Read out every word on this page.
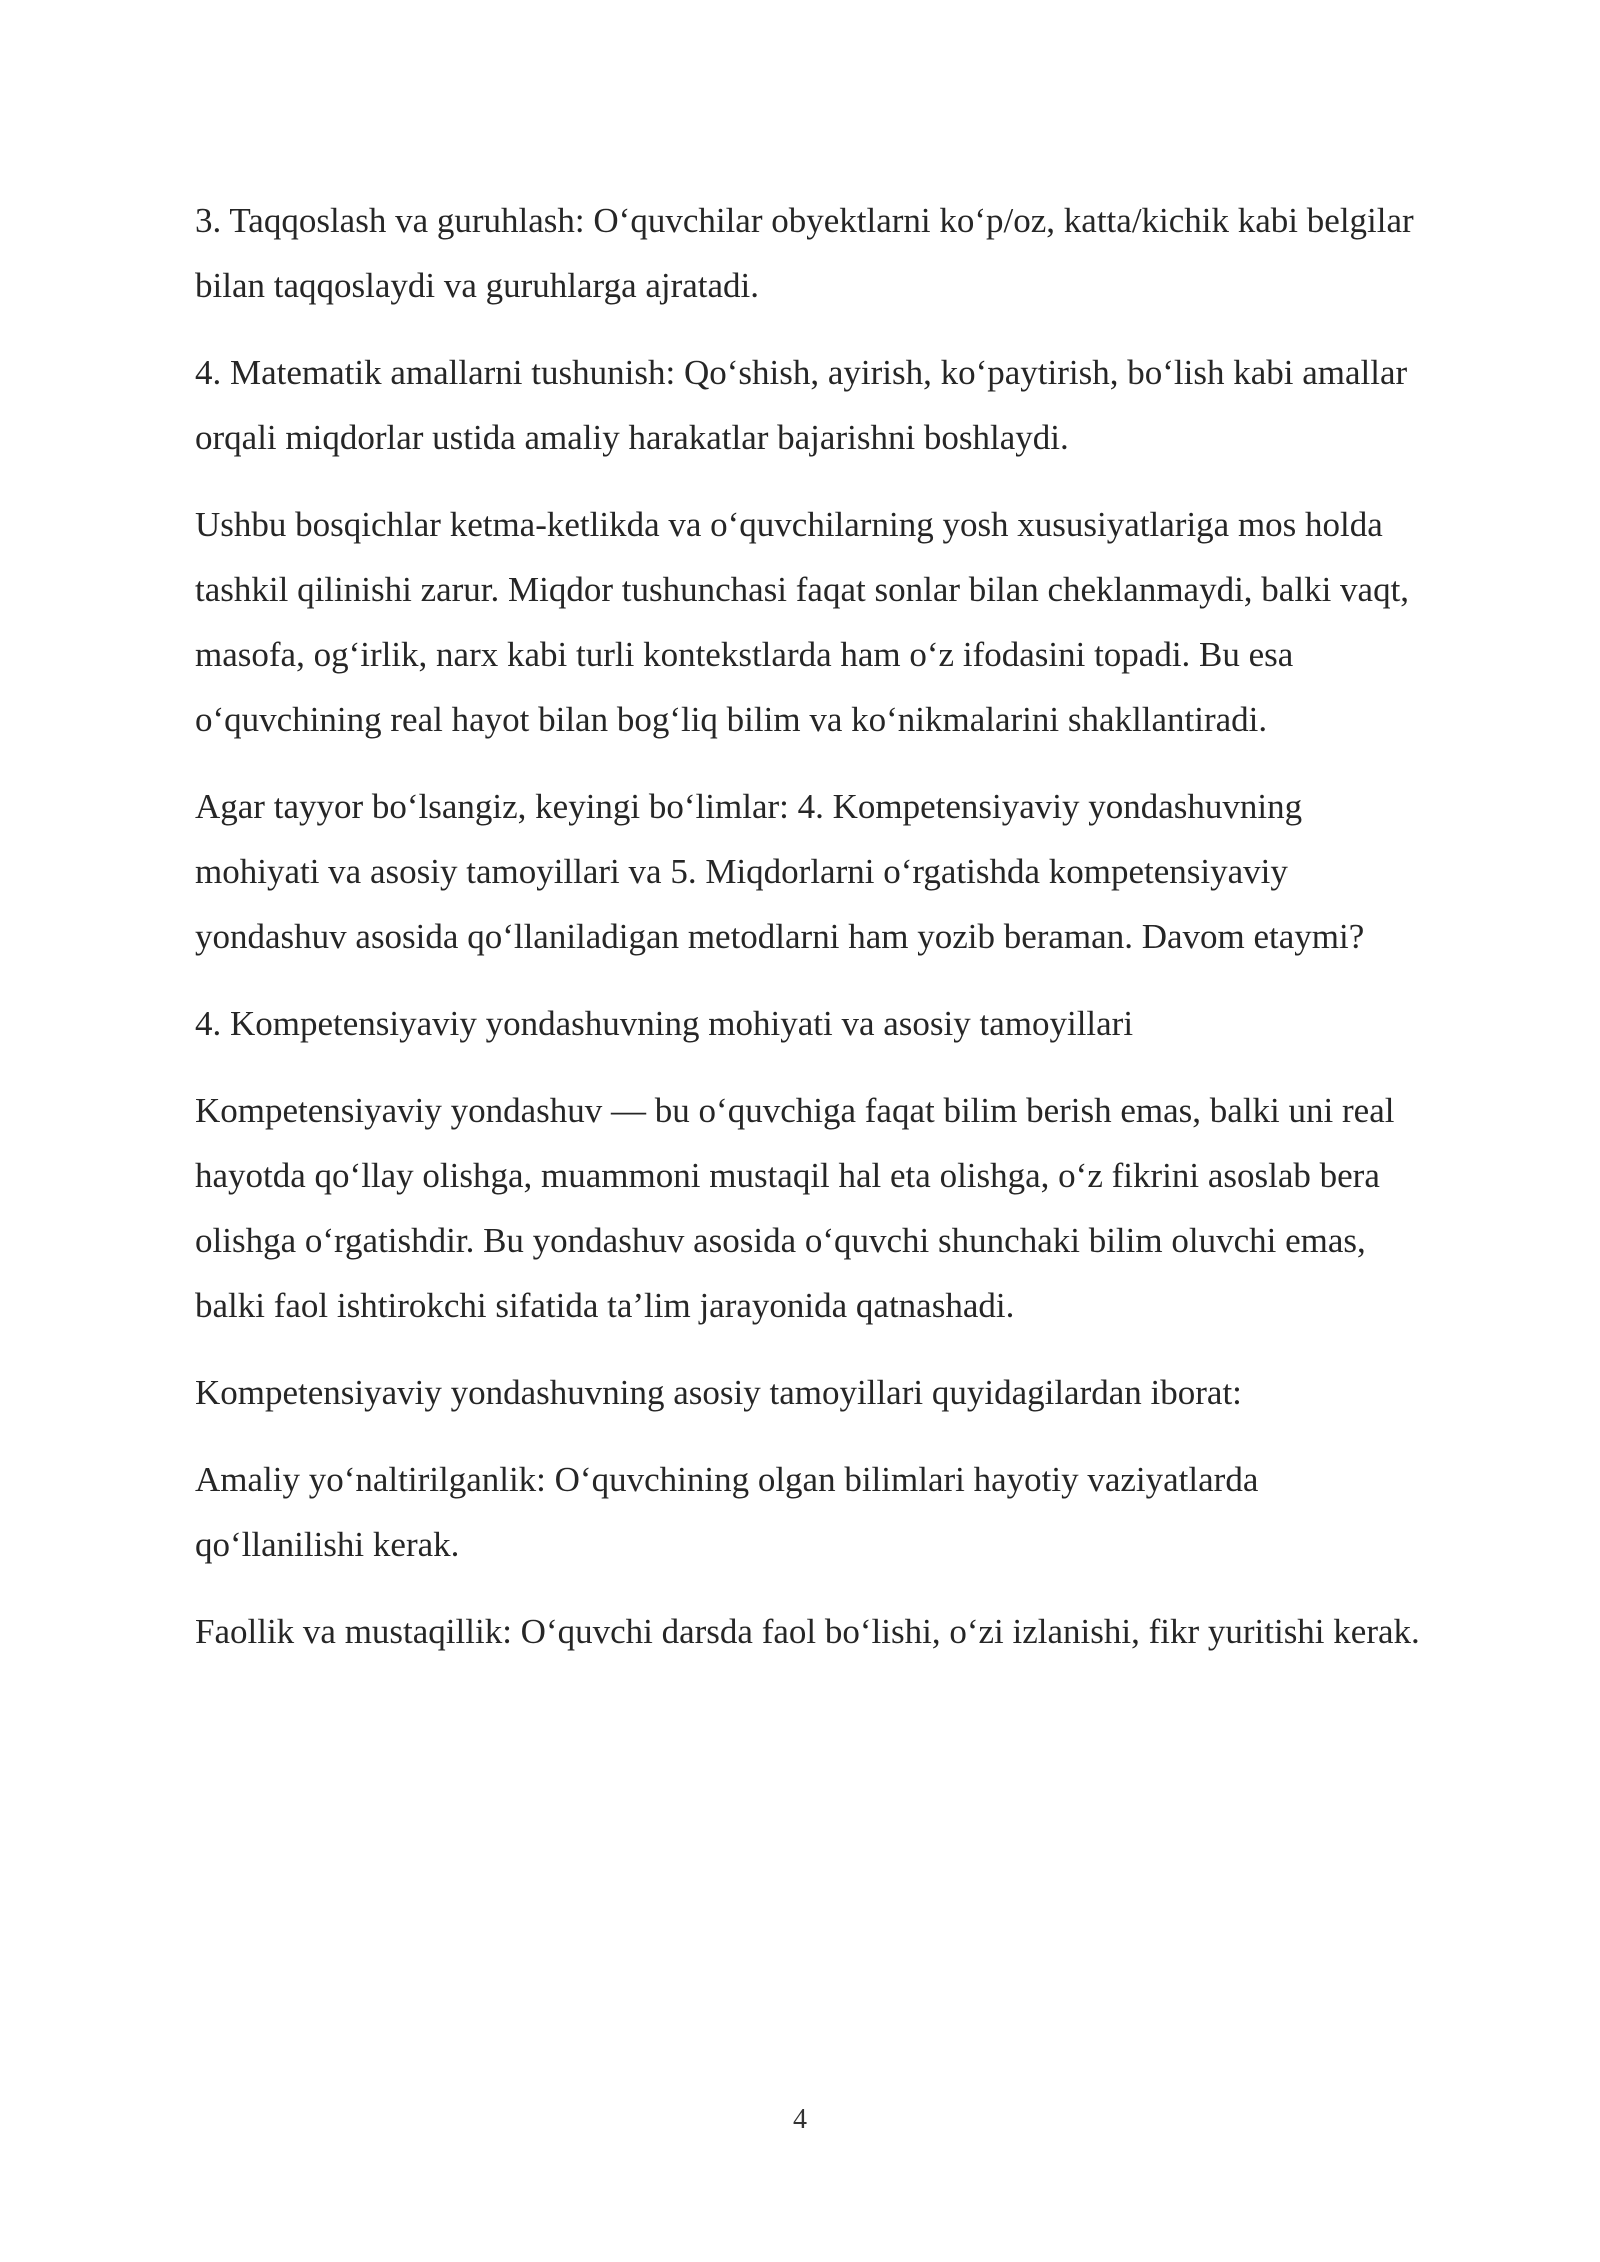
3. Taqqoslash va guruhlash: O‘quvchilar obyektlarni ko‘p/oz, katta/kichik kabi belgilar bilan taqqoslaydi va guruhlarga ajratadi.

4. Matematik amallarni tushunish: Qo‘shish, ayirish, ko‘paytirish, bo‘lish kabi amallar orqali miqdorlar ustida amaliy harakatlar bajarishni boshlaydi.

Ushbu bosqichlar ketma-ketlikda va o‘quvchilarning yosh xususiyatlariga mos holda tashkil qilinishi zarur. Miqdor tushunchasi faqat sonlar bilan cheklanmaydi, balki vaqt, masofa, og‘irlik, narx kabi turli kontekstlarda ham o‘z ifodasini topadi. Bu esa o‘quvchining real hayot bilan bog‘liq bilim va ko‘nikmalarini shakllantiradi.

Agar tayyor bo‘lsangiz, keyingi bo‘limlar: 4. Kompetensiyaviy yondashuvning mohiyati va asosiy tamoyillari va 5. Miqdorlarni o‘rgatishda kompetensiyaviy yondashuv asosida qo‘llaniladigan metodlarni ham yozib beraman. Davom etaymi?

4. Kompetensiyaviy yondashuvning mohiyati va asosiy tamoyillari

Kompetensiyaviy yondashuv — bu o‘quvchiga faqat bilim berish emas, balki uni real hayotda qo‘llay olishga, muammoni mustaqil hal eta olishga, o‘z fikrini asoslab bera olishga o‘rgatishdir. Bu yondashuv asosida o‘quvchi shunchaki bilim oluvchi emas, balki faol ishtirokchi sifatida ta’lim jarayonida qatnashadi.

Kompetensiyaviy yondashuvning asosiy tamoyillari quyidagilardan iborat:

Amaliy yo‘naltirilganlik: O‘quvchining olgan bilimlari hayotiy vaziyatlarda qo‘llanilishi kerak.

Faollik va mustaqillik: O‘quvchi darsda faol bo‘lishi, o‘zi izlanishi, fikr yuritishi kerak.

4
